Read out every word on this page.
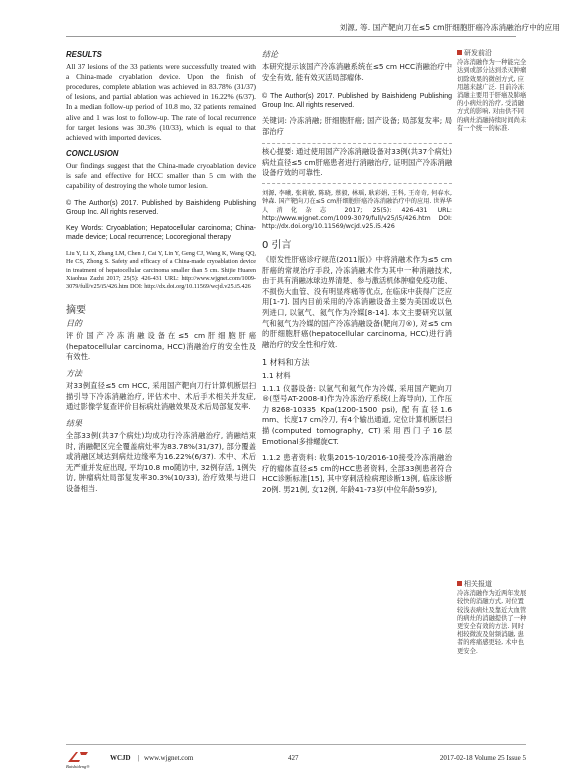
刘源, 等. 国产靶向刀在≤5 cm肝细胞肝癌冷冻消融治疗中的应用
RESULTS
All 37 lesions of the 33 patients were successfully treated with a China-made cryablation device. Upon the finish of procedures, complete ablation was achieved in 83.78% (31/37) of lesions, and partial ablation was achieved in 16.22% (6/37). In a median follow-up period of 10.8 mo, 32 patients remained alive and 1 was lost to follow-up. The rate of local recurrence for target lesions was 30.3% (10/33), which is equal to that achieved with imported devices.
CONCLUSION
Our findings suggest that the China-made cryoablation device is safe and effective for HCC smaller than 5 cm with the capability of destroying the whole tumor lesion.
© The Author(s) 2017. Published by Baishideng Publishing Group Inc. All rights reserved.
Key Words: Cryoablation; Hepatocellular carcinoma; China-made device; Local recurrence; Locoregional therapy
Liu Y, Li X, Zhang LM, Chen J, Cai Y, Lin Y, Geng CJ, Wang K, Wang QQ, He CS, Zhong S. Safety and efficacy of a China-made cryoablation device in treatment of hepatocellular carcinoma smaller than 5 cm. Shijie Huaren Xiaohua Zazhi 2017; 25(5): 426-431 URL: http://www.wjgnet.com/1009-3079/full/v25/i5/426.htm DOI: http://dx.doi.org/10.11569/wcjd.v25.i5.426
摘要
目的
评价国产冷冻消融设备在≤5 cm肝细胞肝癌(hepatocellular carcinoma, HCC)消融治疗的安全性及有效性.
方法
对33例直径≤5 cm HCC, 采用国产靶向刀行计算机断层扫描引导下冷冻消融治疗, 评估术中、术后手术相关并发症, 通过影像学复查评价目标病灶消融效果及术后局部复发率.
结果
全部33例(共37个病灶)均成功行冷冻消融治疗, 消融结束时, 消融靶区完全覆盖病灶率为83.78%(31/37), 部分覆盖或消融区域达到病灶边缘率为16.22%(6/37). 术中、术后无严重并发症出现, 平均10.8 mo随访中, 32例存活, 1例失访, 肿瘤病灶局部复发率30.3%(10/33), 治疗效果与进口设备相当.
结论
本研究提示该国产冷冻消融系统在≤5 cm HCC消融治疗中安全有效, 能有效灭活局部瘤体.
© The Author(s) 2017. Published by Baishideng Publishing Group Inc. All rights reserved.
关键词: 冷冻消融; 肝细胞肝癌; 国产设备; 局部复发率; 局部治疗
核心提要: 通过使用国产冷冻消融设备对33例(共37个病灶)病灶直径≤5 cm肝癌患者进行消融治疗, 证明国产冷冻消融设备疗效的可靠性.
刘源, 李曦, 张莉敏, 陈晓, 蔡毅, 林瑶, 耿彩娟, 王科, 王奇奇, 何春水, 钟森. 国产靶向刀在≤5 cm肝细胞肝癌冷冻消融治疗中的应用. 世界华人消化杂志 2017; 25(5): 426-431 URL: http://www.wjgnet.com/1009-3079/full/v25/i5/426.htm DOI: http://dx.doi.org/10.11569/wcjd.v25.i5.426
0 引言
《原发性肝癌诊疗规范(2011版)》中将消融术作为≤5 cm肝癌的常规治疗手段, 冷冻消融术作为其中一种消融技术, 由于具有消融冰球边界清楚、参与激活机体肿瘤免疫功能、不损伤大血管、没有明显疼痛等优点, 在临床中获得广泛应用[1-7]. 国内目前采用的冷冻消融设备主要为美国或以色列进口, 以氩气、氦气作为冷媒[8-14]. 本文主要研究以氩气和氦气为冷媒的国产冷冻消融设备(靶向刀®), 对≤5 cm的肝细胞肝癌(hepatocellular carcinoma, HCC)进行消融治疗的安全性和疗效.
1 材料和方法
1.1 材料
1.1.1 仪器设备: 以氩气和氦气作为冷媒, 采用国产靶向刀®(型号AT-2008-Ⅱ)作为冷冻治疗系统(上海导向), 工作压力8268-10335 Kpa(1200-1500 psi), 配有直径1.6 mm、长度17 cm冷刀, 有4个输出通道, 定位计算机断层扫描(computed tomography, CT)采用西门子16层Emotional多排螺旋CT.
1.1.2 患者资料: 收集2015-10/2016-10接受冷冻消融治疗的瘤体直径≤5 cm的HCC患者资料, 全部33例患者符合HCC诊断标准[15], 其中穿刺活检病理诊断13例, 临床诊断20例. 男21例, 女12例, 年龄41-73岁(中位年龄59岁),
研发前沿
冷冻消融作为一种能完全达到或部分达到杀灭肿瘤切除效果的微创方式, 应用越来越广泛. 目前冷冻消融主要用于肝癌及肺癌的小病灶的治疗, 受消融方式的影响, 对由供不同的病灶消融持续时间尚未有一个统一的标准.
相关报道
冷冻消融作为近两年发展较快的消融方式, 对位置较浅表病灶及靠近大血管的病灶的消融提供了一种更安全有效的方法. 同时相较微波及射频消融, 患者的疼痛感更轻, 术中也更安全.
Baishideng®
WCJD | www.wjgnet.com	427	2017-02-18 Volume 25 Issue 5
